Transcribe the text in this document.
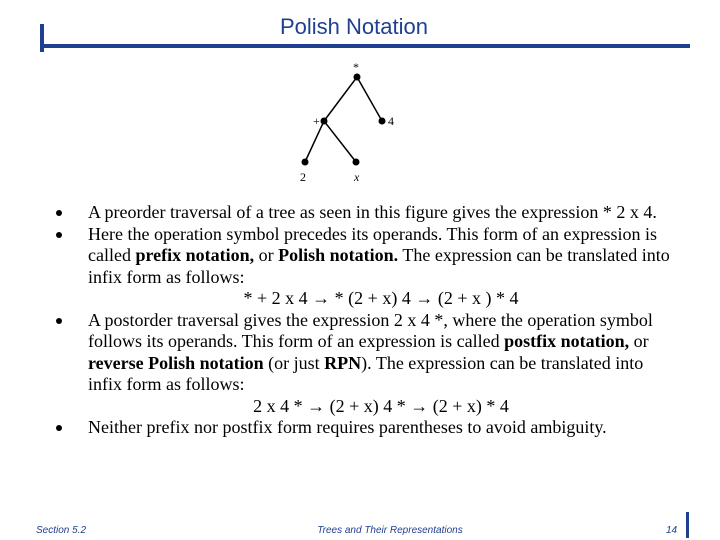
Polish Notation
*
+	4
2	x
A preorder traversal of a tree as seen in this figure gives the expression * 2 x 4.
Here the operation symbol precedes its operands. This form of an expression is called prefix notation, or Polish notation. The expression can be translated into infix form as follows:
* + 2 x 4 → * (2 + x) 4 → (2 + x ) * 4
A postorder traversal gives the expression 2 x 4 *, where the operation symbol follows its operands. This form of an expression is called postfix notation, or reverse Polish notation (or just RPN). The expression can be translated into infix form as follows:
2 x 4 * → (2 + x) 4 * → (2 + x) * 4
Neither prefix nor postfix form requires parentheses to avoid ambiguity.
Section 5.2	Trees and Their Representations	14
